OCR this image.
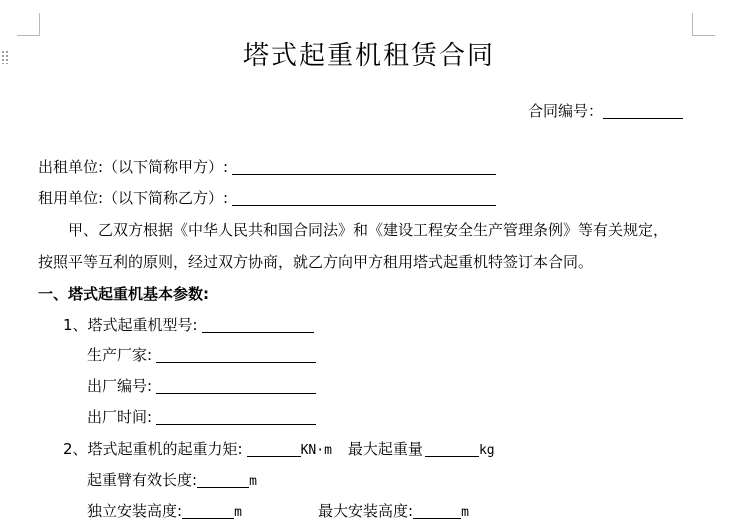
塔式起重机租赁合同
合同编号：
出租单位:（以下简称甲方）:
租用单位:（以下简称乙方）:
甲、乙双方根据《中华人民共和国合同法》和《建设工程安全生产管理条例》等有关规定，
按照平等互利的原则，经过双方协商，就乙方向甲方租用塔式起重机特签订本合同。
一、塔式起重机基本参数:
1、塔式起重机型号:
生产厂家:
出厂编号:
出厂时间:
2、塔式起重机的起重力矩:	KN·m 最大起重量	kg
起重臂有效长度:	m
独立安装高度:	m	最大安装高度:	m
